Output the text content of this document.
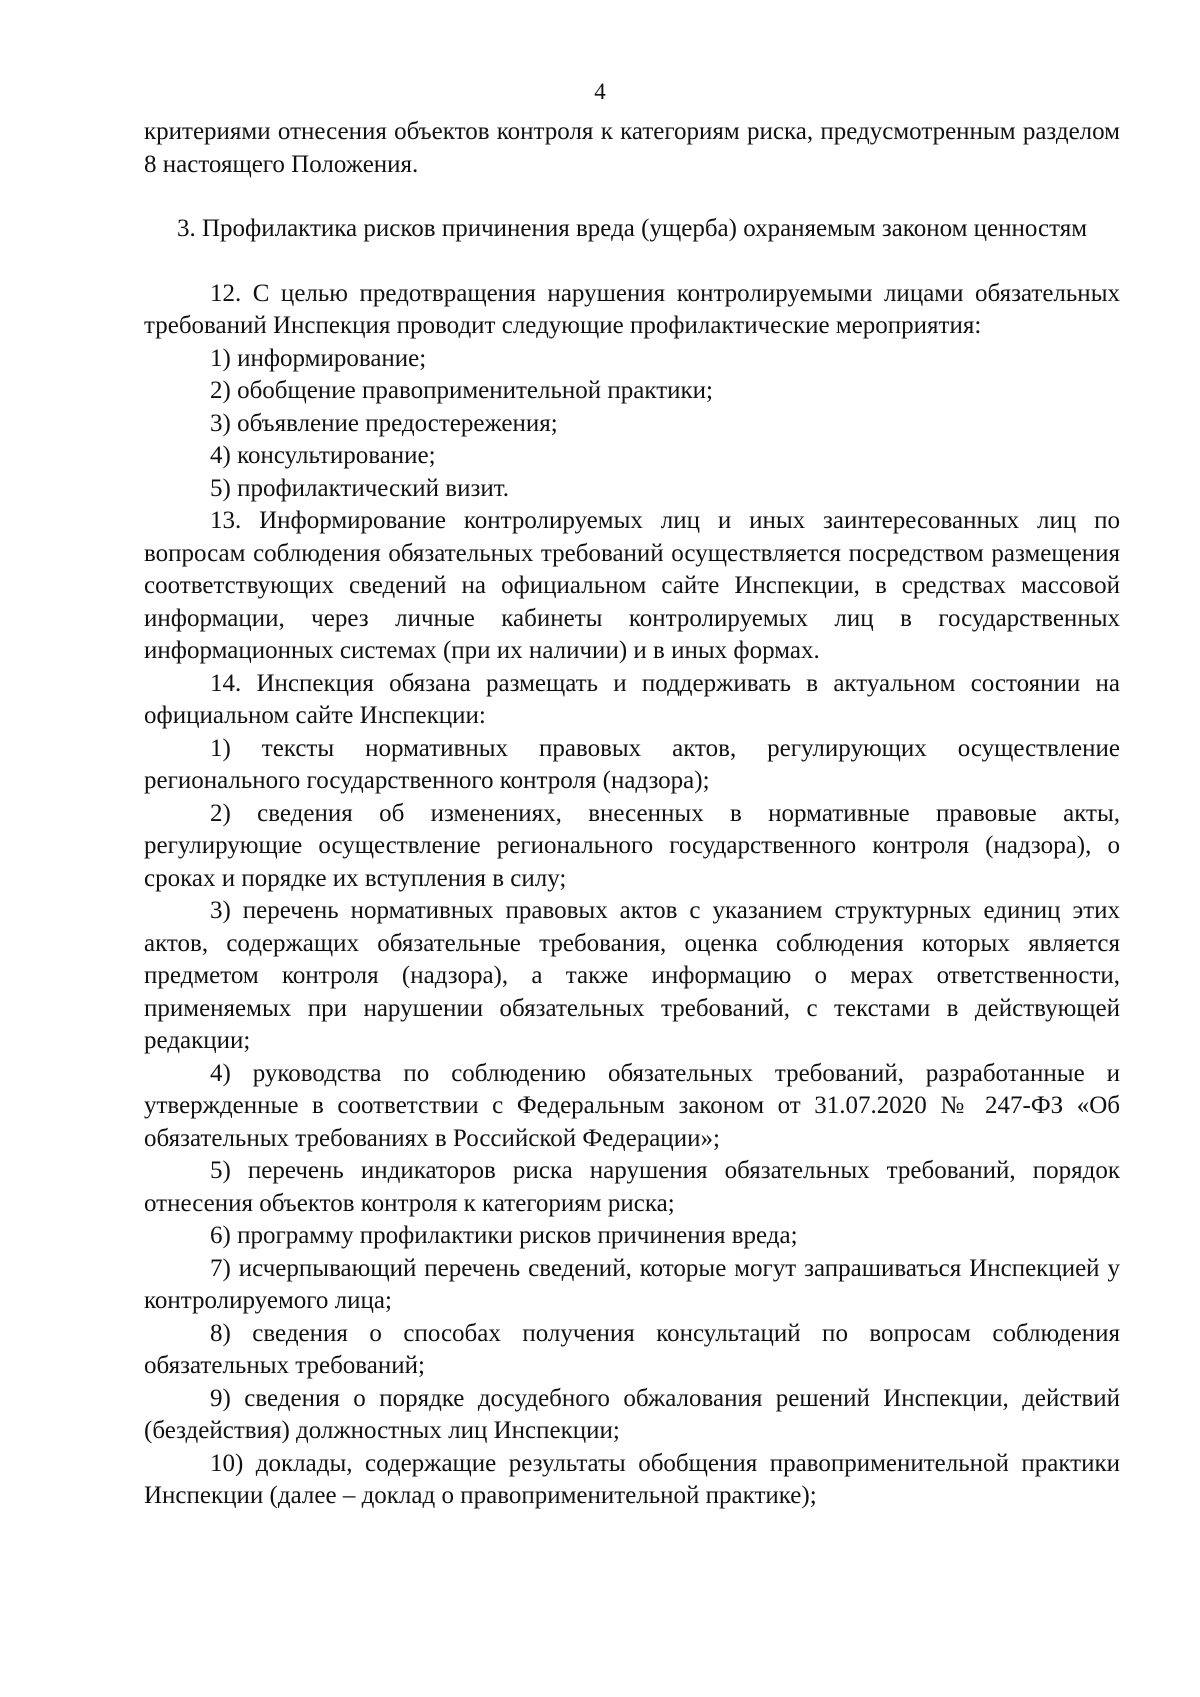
4

критериями отнесения объектов контроля к категориям риска, предусмотренным разделом 8 настоящего Положения.

3. Профилактика рисков причинения вреда (ущерба) охраняемым законом ценностям

12. С целью предотвращения нарушения контролируемыми лицами обязательных требований Инспекция проводит следующие профилактические мероприятия:

1) информирование;
2) обобщение правоприменительной практики;
3) объявление предостережения;
4) консультирование;
5) профилактический визит.

13. Информирование контролируемых лиц и иных заинтересованных лиц по вопросам соблюдения обязательных требований осуществляется посредством размещения соответствующих сведений на официальном сайте Инспекции, в средствах массовой информации, через личные кабинеты контролируемых лиц в государственных информационных системах (при их наличии) и в иных формах.

14. Инспекция обязана размещать и поддерживать в актуальном состоянии на официальном сайте Инспекции:

1) тексты нормативных правовых актов, регулирующих осуществление регионального государственного контроля (надзора);
2) сведения об изменениях, внесенных в нормативные правовые акты, регулирующие осуществление регионального государственного контроля (надзора), о сроках и порядке их вступления в силу;
3) перечень нормативных правовых актов с указанием структурных единиц этих актов, содержащих обязательные требования, оценка соблюдения которых является предметом контроля (надзора), а также информацию о мерах ответственности, применяемых при нарушении обязательных требований, с текстами в действующей редакции;
4) руководства по соблюдению обязательных требований, разработанные и утвержденные в соответствии с Федеральным законом от 31.07.2020 № 247-ФЗ «Об обязательных требованиях в Российской Федерации»;
5) перечень индикаторов риска нарушения обязательных требований, порядок отнесения объектов контроля к категориям риска;
6) программу профилактики рисков причинения вреда;
7) исчерпывающий перечень сведений, которые могут запрашиваться Инспекцией у контролируемого лица;
8) сведения о способах получения консультаций по вопросам соблюдения обязательных требований;
9) сведения о порядке досудебного обжалования решений Инспекции, действий (бездействия) должностных лиц Инспекции;
10) доклады, содержащие результаты обобщения правоприменительной практики Инспекции (далее – доклад о правоприменительной практике);
